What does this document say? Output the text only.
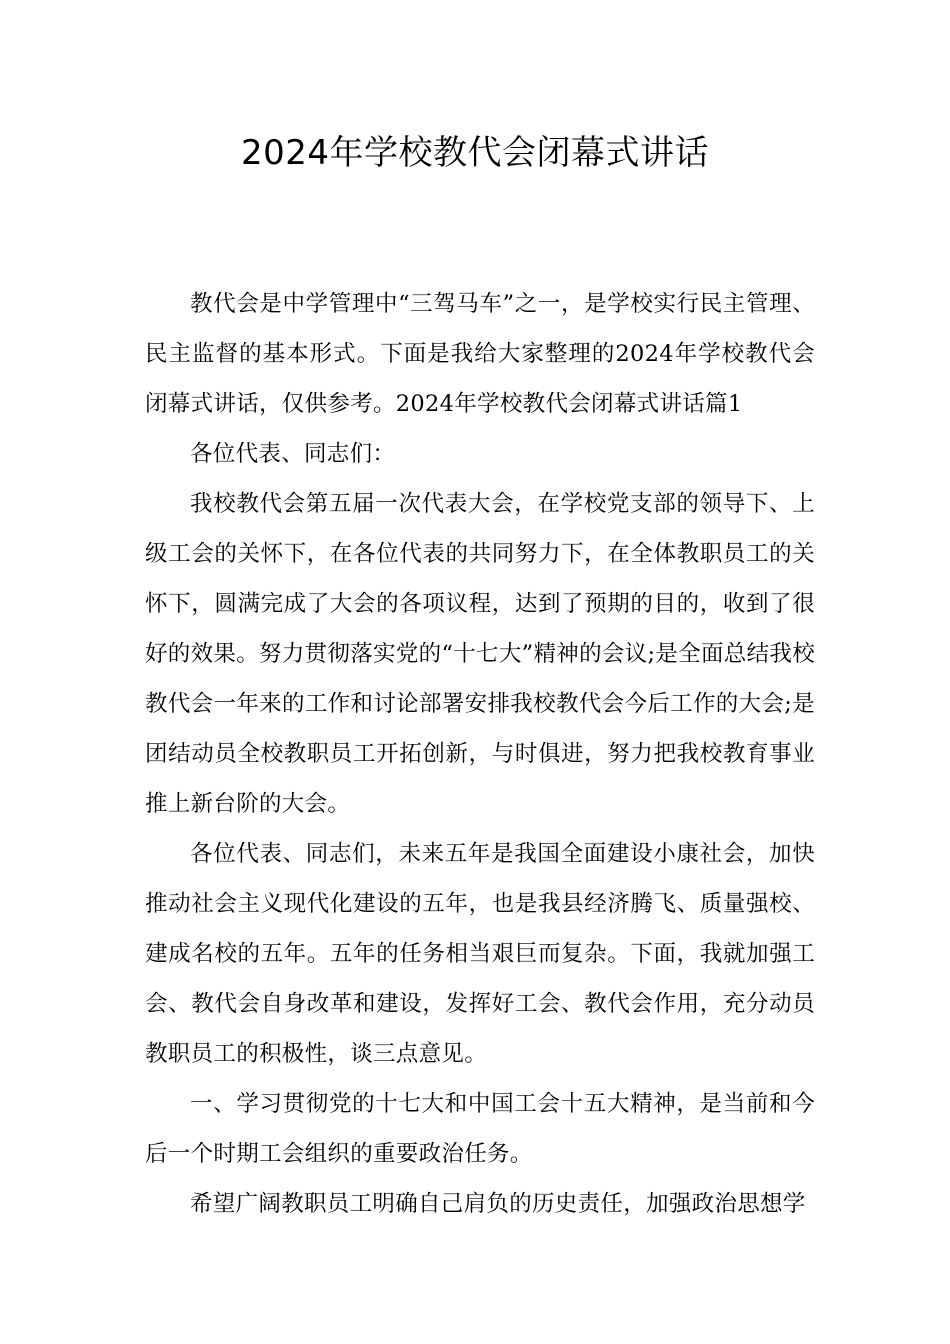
2024年学校教代会闭幕式讲话

教代会是中学管理中“三驾马车”之一，是学校实行民主管理、民主监督的基本形式。下面是我给大家整理的2024年学校教代会闭幕式讲话，仅供参考。2024年学校教代会闭幕式讲话篇1

各位代表、同志们：

我校教代会第五届一次代表大会，在学校党支部的领导下、上级工会的关怀下，在各位代表的共同努力下，在全体教职员工的关怀下，圆满完成了大会的各项议程，达到了预期的目的，收到了很好的效果。努力贯彻落实党的“十七大”精神的会议;是全面总结我校教代会一年来的工作和讨论部署安排我校教代会今后工作的大会;是团结动员全校教职员工开拓创新，与时俱进，努力把我校教育事业推上新台阶的大会。

各位代表、同志们，未来五年是我国全面建设小康社会，加快推动社会主义现代化建设的五年，也是我县经济腾飞、质量强校、建成名校的五年。五年的任务相当艰巨而复杂。下面，我就加强工会、教代会自身改革和建设，发挥好工会、教代会作用，充分动员教职员工的积极性，谈三点意见。

一、学习贯彻党的十七大和中国工会十五大精神，是当前和今后一个时期工会组织的重要政治任务。

希望广阔教职员工明确自己肩负的历史责任，加强政治思想学
